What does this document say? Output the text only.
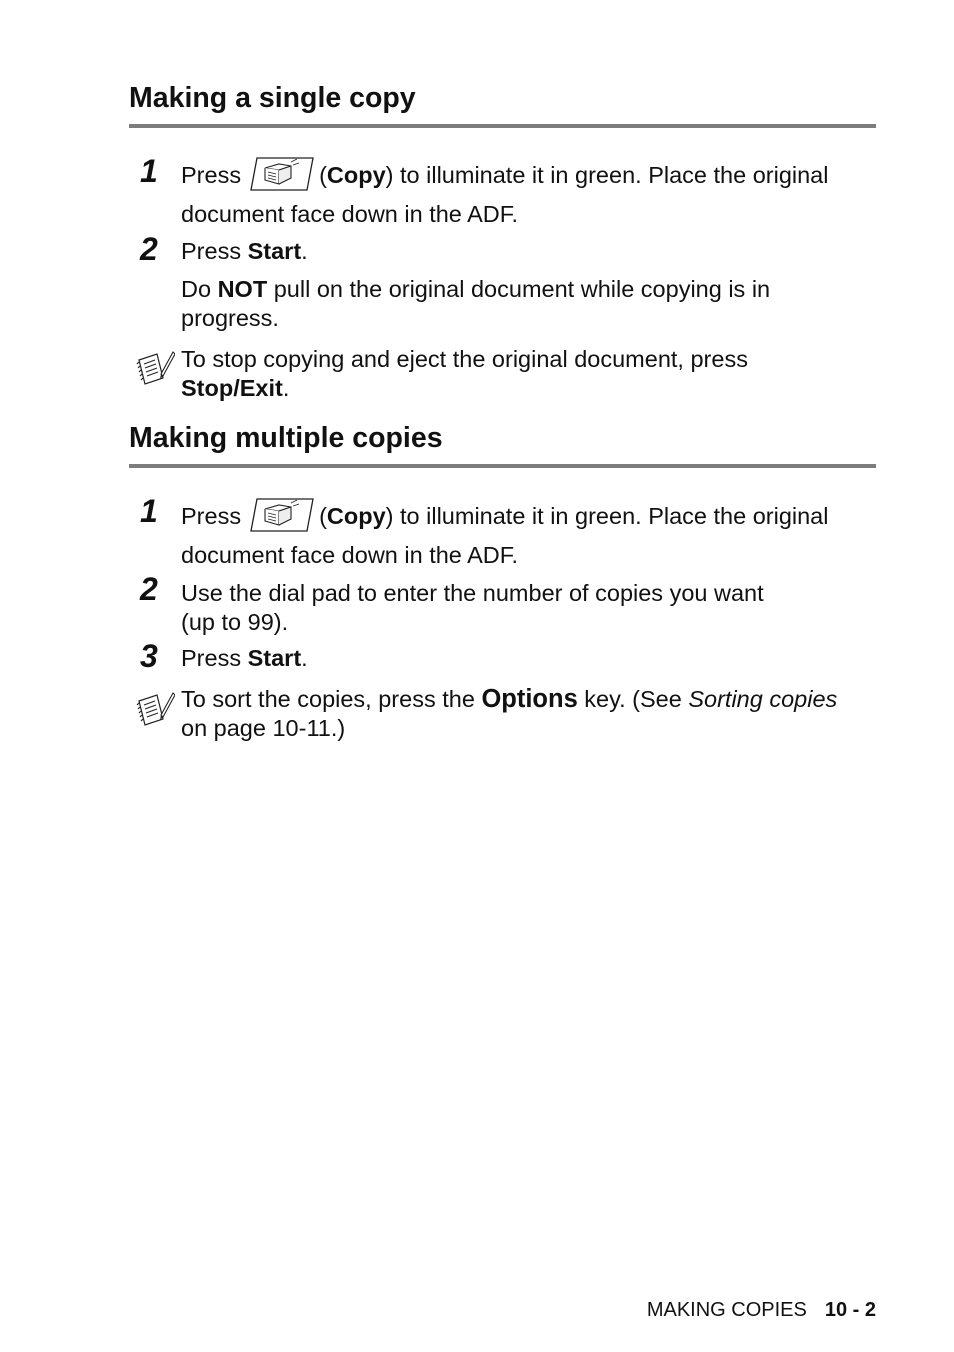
Making a single copy
1 Press	(Copy) to illuminate it in green. Place the original
document face down in the ADF.
2 Press Start.
Do NOT pull on the original document while copying is in
progress.
To stop copying and eject the original document, press
Stop/Exit.
Making multiple copies
1 Press	(Copy) to illuminate it in green. Place the original
document face down in the ADF.
2 Use the dial pad to enter the number of copies you want
(up to 99).
3 Press Start.
To sort the copies, press the Options key. (See Sorting copies
on page 10-11.)
MAKING COPIES 10 - 2
